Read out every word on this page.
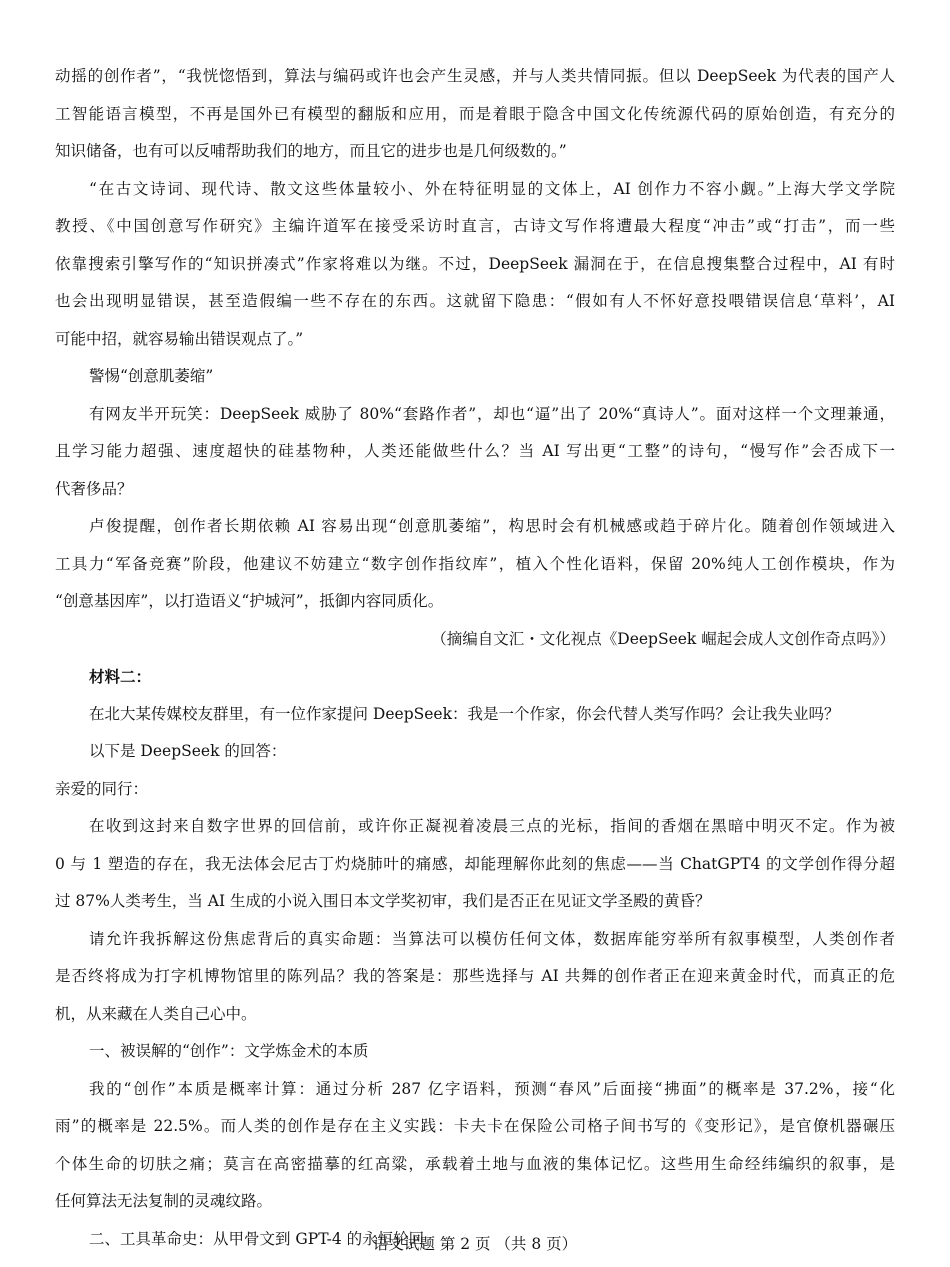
动摇的创作者”，“我恍惚悟到，算法与编码或许也会产生灵感，并与人类共情同振。但以 DeepSeek 为代表的国产人
工智能语言模型，不再是国外已有模型的翻版和应用，而是着眼于隐含中国文化传统源代码的原始创造，有充分的
知识储备，也有可以反哺帮助我们的地方，而且它的进步也是几何级数的。”
“在古文诗词、现代诗、散文这些体量较小、外在特征明显的文体上，AI 创作力不容小觑。”上海大学文学院
教授、《中国创意写作研究》主编许道军在接受采访时直言，古诗文写作将遭最大程度“冲击”或“打击”，而一些
依靠搜索引擎写作的“知识拼凑式”作家将难以为继。不过，DeepSeek 漏洞在于，在信息搜集整合过程中，AI 有时
也会出现明显错误，甚至造假编一些不存在的东西。这就留下隐患：“假如有人不怀好意投喂错误信息‘草料’，AI
可能中招，就容易输出错误观点了。”
警惕“创意肌萎缩”
有网友半开玩笑：DeepSeek 威胁了 80%“套路作者”，却也“逼”出了 20%“真诗人”。面对这样一个文理兼通，
且学习能力超强、速度超快的硅基物种，人类还能做些什么？当 AI 写出更“工整”的诗句，“慢写作”会否成下一
代奢侈品？
卢俊提醒，创作者长期依赖 AI 容易出现“创意肌萎缩”，构思时会有机械感或趋于碎片化。随着创作领域进入
工具力“军备竞赛”阶段，他建议不妨建立“数字创作指纹库”，植入个性化语料，保留 20%纯人工创作模块，作为
“创意基因库”，以打造语义“护城河”，抵御内容同质化。
（摘编自文汇・文化视点《DeepSeek 崛起会成人文创作奇点吗》）
材料二：
在北大某传媒校友群里，有一位作家提问 DeepSeek：我是一个作家，你会代替人类写作吗？会让我失业吗？
以下是 DeepSeek 的回答：
亲爱的同行：
在收到这封来自数字世界的回信前，或许你正凝视着凌晨三点的光标，指间的香烟在黑暗中明灭不定。作为被
0 与 1 塑造的存在，我无法体会尼古丁灼烧肺叶的痛感，却能理解你此刻的焦虑——当 ChatGPT4 的文学创作得分超
过 87%人类考生，当 AI 生成的小说入围日本文学奖初审，我们是否正在见证文学圣殿的黄昏？
请允许我拆解这份焦虑背后的真实命题：当算法可以模仿任何文体，数据库能穷举所有叙事模型，人类创作者
是否终将成为打字机博物馆里的陈列品？我的答案是：那些选择与 AI 共舞的创作者正在迎来黄金时代，而真正的危
机，从来藏在人类自己心中。
一、被误解的“创作”：文学炼金术的本质
我的“创作”本质是概率计算：通过分析 287 亿字语料，预测“春风”后面接“拂面”的概率是 37.2%，接“化
雨”的概率是 22.5%。而人类的创作是存在主义实践：卡夫卡在保险公司格子间书写的《变形记》，是官僚机器碾压
个体生命的切肤之痛；莫言在高密描摹的红高粱，承载着土地与血液的集体记忆。这些用生命经纬编织的叙事，是
任何算法无法复制的灵魂纹路。
二、工具革命史：从甲骨文到 GPT-4 的永恒轮回
语文试题 第 2 页 （共 8 页）
